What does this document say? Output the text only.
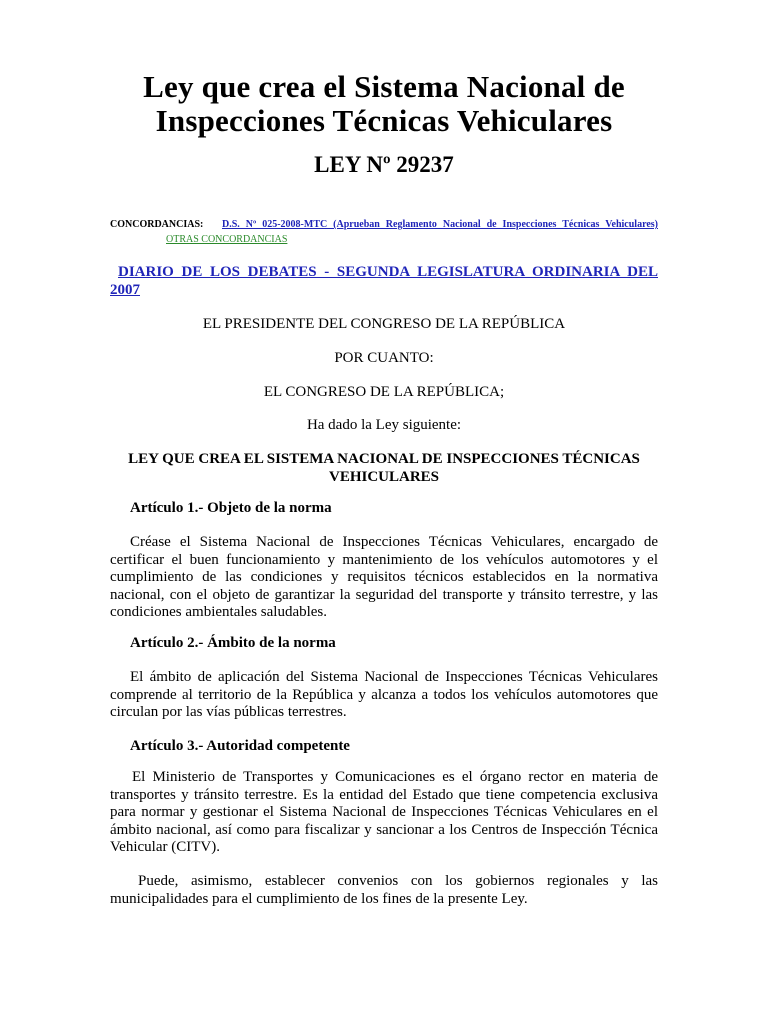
Ley que crea el Sistema Nacional de Inspecciones Técnicas Vehiculares
LEY Nº 29237
CONCORDANCIAS: D.S. Nº 025-2008-MTC (Aprueban Reglamento Nacional de Inspecciones Técnicas Vehiculares)
OTRAS CONCORDANCIAS
DIARIO DE LOS DEBATES - SEGUNDA LEGISLATURA ORDINARIA DEL 2007
EL PRESIDENTE DEL CONGRESO DE LA REPÚBLICA
POR CUANTO:
EL CONGRESO DE LA REPÚBLICA;
Ha dado la Ley siguiente:
LEY QUE CREA EL SISTEMA NACIONAL DE INSPECCIONES TÉCNICAS VEHICULARES
Artículo 1.- Objeto de la norma
Créase el Sistema Nacional de Inspecciones Técnicas Vehiculares, encargado de certificar el buen funcionamiento y mantenimiento de los vehículos automotores y el cumplimiento de las condiciones y requisitos técnicos establecidos en la normativa nacional, con el objeto de garantizar la seguridad del transporte y tránsito terrestre, y las condiciones ambientales saludables.
Artículo 2.- Ámbito de la norma
El ámbito de aplicación del Sistema Nacional de Inspecciones Técnicas Vehiculares comprende al territorio de la República y alcanza a todos los vehículos automotores que circulan por las vías públicas terrestres.
Artículo 3.- Autoridad competente
El Ministerio de Transportes y Comunicaciones es el órgano rector en materia de transportes y tránsito terrestre. Es la entidad del Estado que tiene competencia exclusiva para normar y gestionar el Sistema Nacional de Inspecciones Técnicas Vehiculares en el ámbito nacional, así como para fiscalizar y sancionar a los Centros de Inspección Técnica Vehicular (CITV).
Puede, asimismo, establecer convenios con los gobiernos regionales y las municipalidades para el cumplimiento de los fines de la presente Ley.
